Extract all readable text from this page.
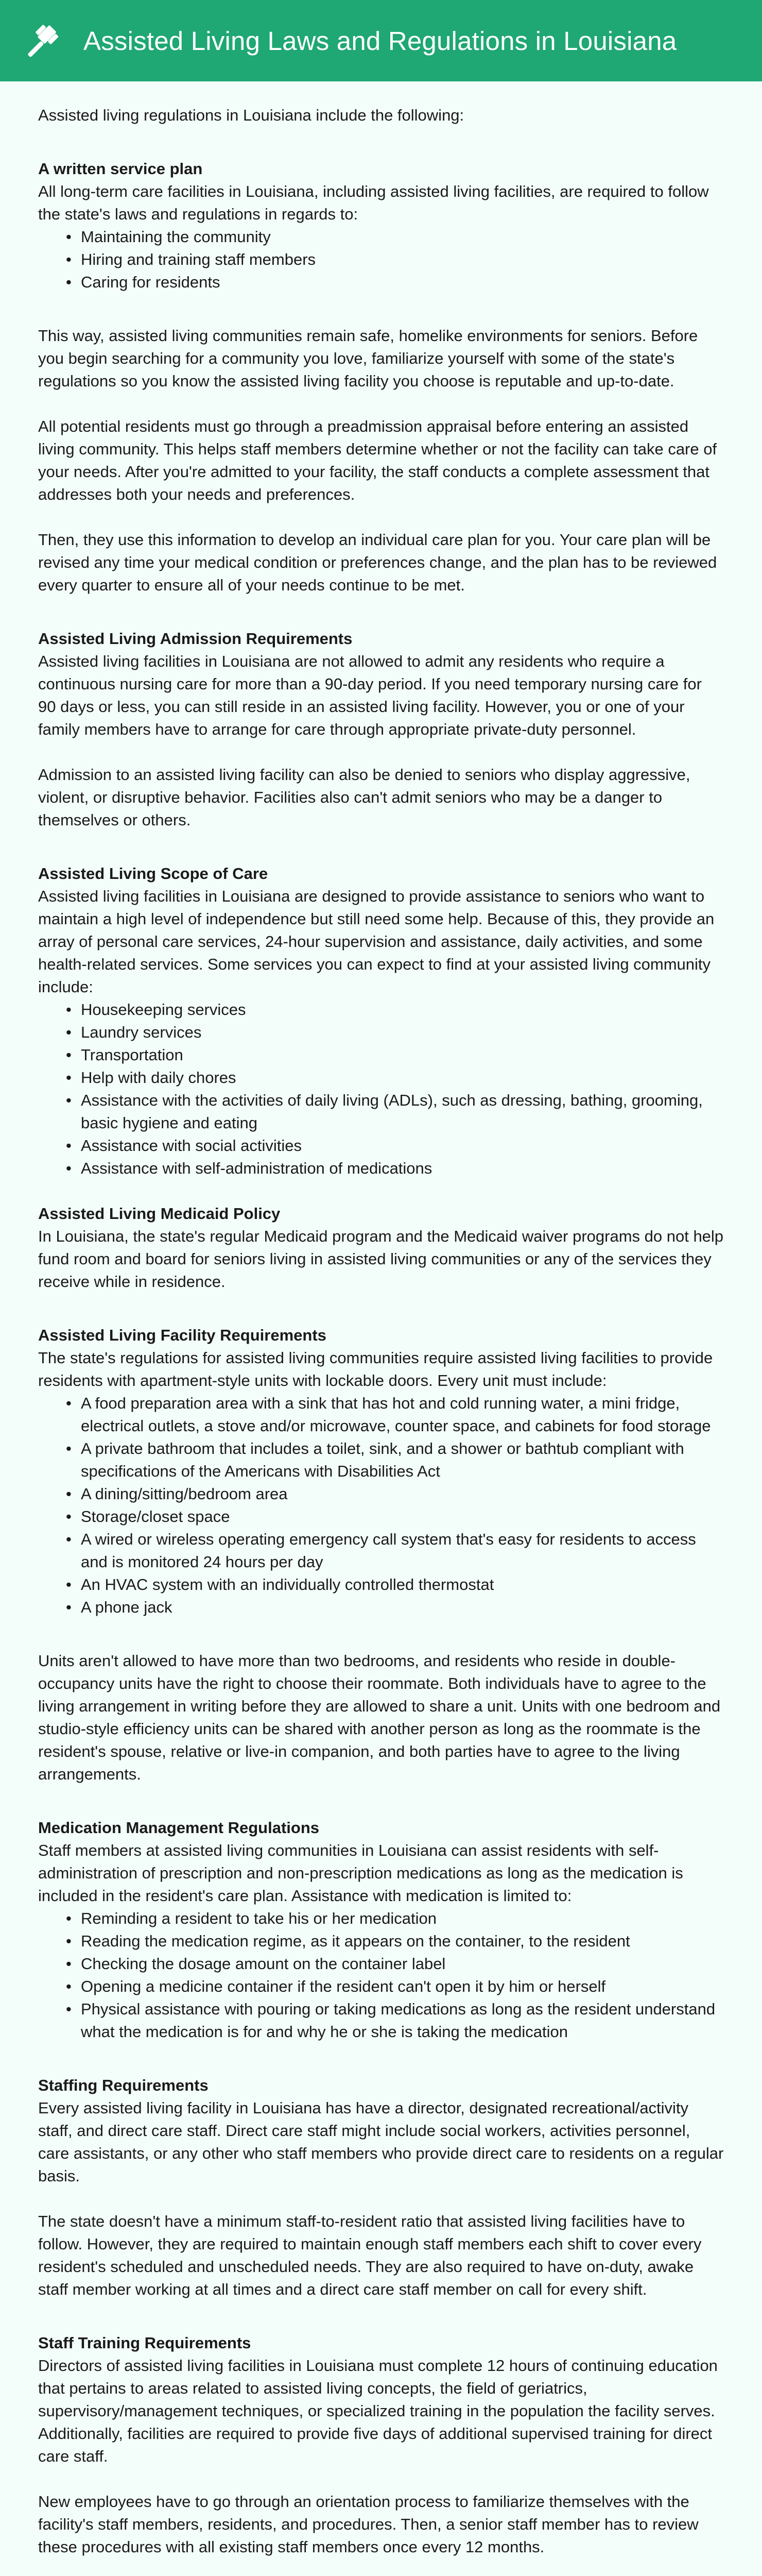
Assisted Living Laws and Regulations in Louisiana

Assisted living regulations in Louisiana include the following:

A written service plan

All long-term care facilities in Louisiana, including assisted living facilities, are required to follow the state's laws and regulations in regards to:

• Maintaining the community
• Hiring and training staff members
• Caring for residents

This way, assisted living communities remain safe, homelike environments for seniors. Before you begin searching for a community you love, familiarize yourself with some of the state's regulations so you know the assisted living facility you choose is reputable and up-to-date.

All potential residents must go through a preadmission appraisal before entering an assisted living community. This helps staff members determine whether or not the facility can take care of your needs. After you're admitted to your facility, the staff conducts a complete assessment that addresses both your needs and preferences.

Then, they use this information to develop an individual care plan for you. Your care plan will be revised any time your medical condition or preferences change, and the plan has to be reviewed every quarter to ensure all of your needs continue to be met.

Assisted Living Admission Requirements

Assisted living facilities in Louisiana are not allowed to admit any residents who require a continuous nursing care for more than a 90-day period. If you need temporary nursing care for 90 days or less, you can still reside in an assisted living facility. However, you or one of your family members have to arrange for care through appropriate private-duty personnel.

Admission to an assisted living facility can also be denied to seniors who display aggressive, violent, or disruptive behavior. Facilities also can't admit seniors who may be a danger to themselves or others.

Assisted Living Scope of Care

Assisted living facilities in Louisiana are designed to provide assistance to seniors who want to maintain a high level of independence but still need some help. Because of this, they provide an array of personal care services, 24-hour supervision and assistance, daily activities, and some health-related services. Some services you can expect to find at your assisted living community include:

• Housekeeping services
• Laundry services
• Transportation
• Help with daily chores
• Assistance with the activities of daily living (ADLs), such as dressing, bathing, grooming, basic hygiene and eating
• Assistance with social activities
• Assistance with self-administration of medications
Assisted Living Medicaid Policy

In Louisiana, the state's regular Medicaid program and the Medicaid waiver programs do not help fund room and board for seniors living in assisted living communities or any of the services they receive while in residence.

Assisted Living Facility Requirements

The state's regulations for assisted living communities require assisted living facilities to provide residents with apartment-style units with lockable doors. Every unit must include:

• A food preparation area with a sink that has hot and cold running water, a mini fridge, electrical outlets, a stove and/or microwave, counter space, and cabinets for food storage
• A private bathroom that includes a toilet, sink, and a shower or bathtub compliant with specifications of the Americans with Disabilities Act
• A dining/sitting/bedroom area
• Storage/closet space
• A wired or wireless operating emergency call system that's easy for residents to access and is monitored 24 hours per day
• An HVAC system with an individually controlled thermostat
• A phone jack

Units aren't allowed to have more than two bedrooms, and residents who reside in double-occupancy units have the right to choose their roommate. Both individuals have to agree to the living arrangement in writing before they are allowed to share a unit. Units with one bedroom and studio-style efficiency units can be shared with another person as long as the roommate is the resident's spouse, relative or live-in companion, and both parties have to agree to the living arrangements.

Medication Management Regulations

Staff members at assisted living communities in Louisiana can assist residents with self-administration of prescription and non-prescription medications as long as the medication is included in the resident's care plan. Assistance with medication is limited to:

• Reminding a resident to take his or her medication
• Reading the medication regime, as it appears on the container, to the resident
• Checking the dosage amount on the container label
• Opening a medicine container if the resident can't open it by him or herself
• Physical assistance with pouring or taking medications as long as the resident understand what the medication is for and why he or she is taking the medication
Staffing Requirements

Every assisted living facility in Louisiana has have a director, designated recreational/activity staff, and direct care staff. Direct care staff might include social workers, activities personnel, care assistants, or any other who staff members who provide direct care to residents on a regular basis.

The state doesn't have a minimum staff-to-resident ratio that assisted living facilities have to follow. However, they are required to maintain enough staff members each shift to cover every resident's scheduled and unscheduled needs. They are also required to have on-duty, awake staff member working at all times and a direct care staff member on call for every shift.

Staff Training Requirements

Directors of assisted living facilities in Louisiana must complete 12 hours of continuing education that pertains to areas related to assisted living concepts, the field of geriatrics, supervisory/management techniques, or specialized training in the population the facility serves. Additionally, facilities are required to provide five days of additional supervised training for direct care staff.

New employees have to go through an orientation process to familiarize themselves with the facility's staff members, residents, and procedures. Then, a senior staff member has to review these procedures with all existing staff members once every 12 months.
